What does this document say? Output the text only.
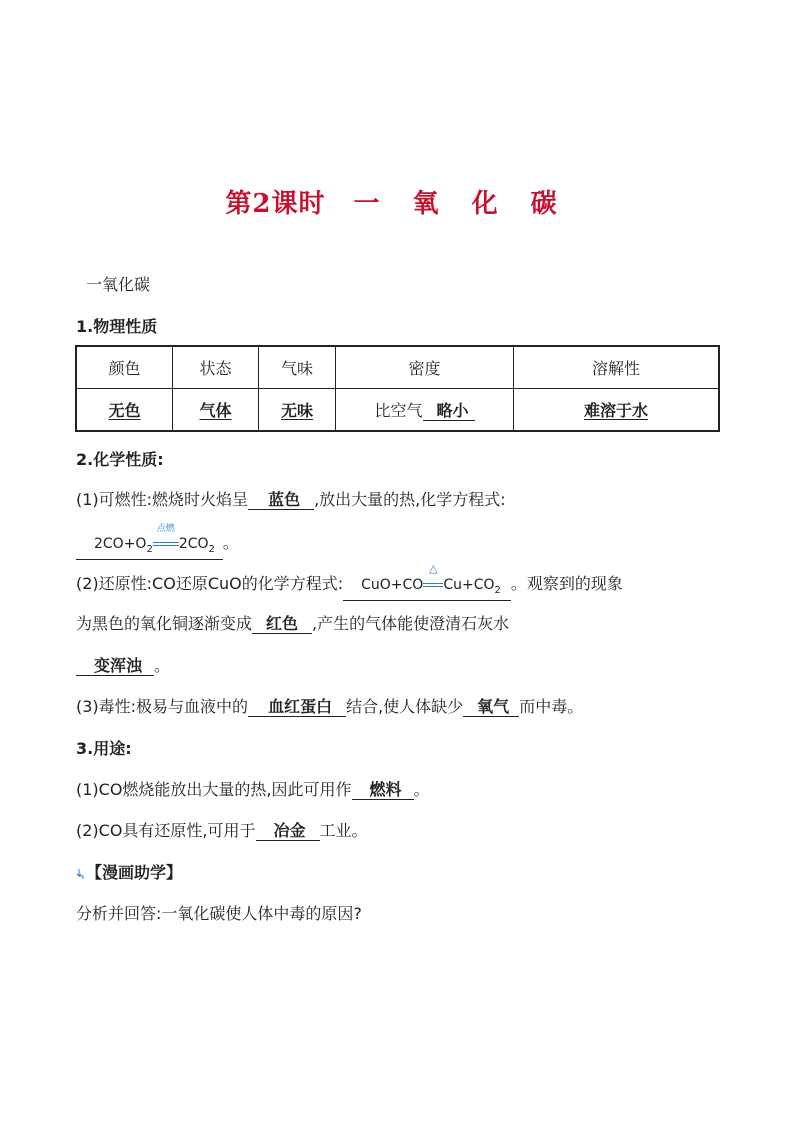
第2课时 一 氧 化 碳
一氧化碳
1.物理性质
颜色	状态	气味	密度	溶解性
无色	气体	无味	比空气 略小	难溶于水
2.化学性质:
(1)可燃性:燃烧时火焰呈 蓝色 ,放出大量的热,化学方程式:
$2CO+O_2$
点燃
$2CO_2$ 。
(2)还原性:CO还原CuO的化学方程式: CuO+CO
△
$Cu+CO_2$ 。观察到的现象
为黑色的氧化铜逐渐变成 红色 ,产生的气体能使澄清石灰水
变浑浊 。
(3)毒性:极易与血液中的 血红蛋白 结合,使人体缺少 氧气 而中毒。
3.用途:
(1)CO燃烧能放出大量的热,因此可用作 燃料 。
(2)CO具有还原性,可用于 冶金 工业。
【漫画助学】
分析并回答:一氧化碳使人体中毒的原因?
